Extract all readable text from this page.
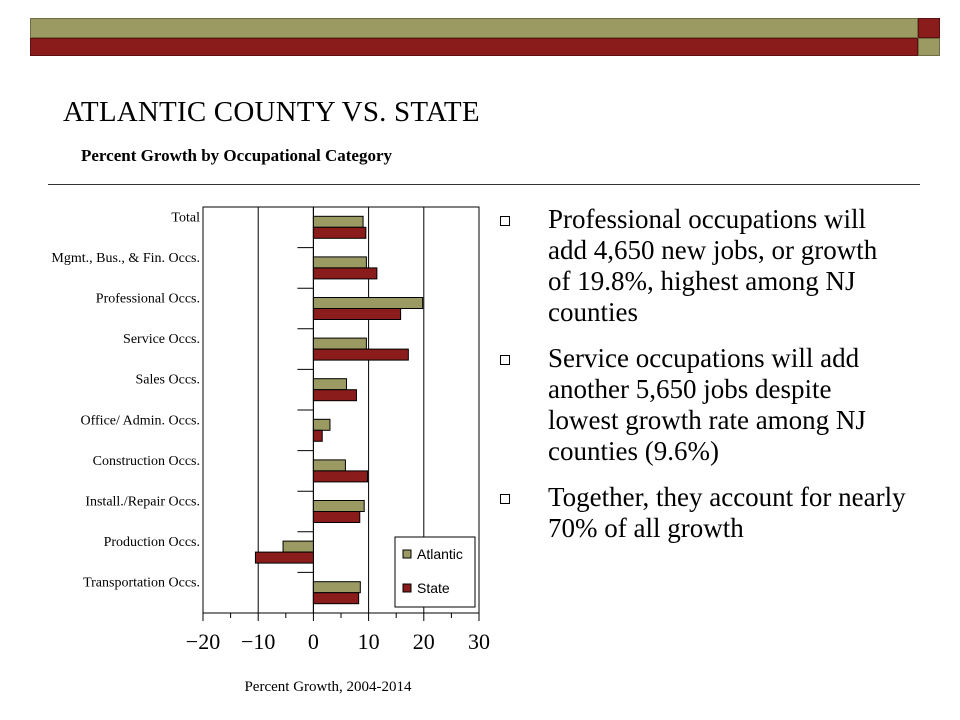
ATLANTIC COUNTY VS. STATE
Percent Growth by Occupational Category
Total
Mgmt., Bus., & Fin. Occs.
Professional Occs.
Service Occs.
Sales Occs.
Office/ Admin. Occs.
Construction Occs.
Install./Repair Occs.
Production Occs.
Transportation Occs.
−20 −10 0 10 20 30
Atlantic
State
Percent Growth, 2004-2014
Professional occupations will add 4,650 new jobs, or growth of 19.8%, highest among NJ counties
Service occupations will add another 5,650 jobs despite lowest growth rate among NJ counties (9.6%)
Together, they account for nearly 70% of all growth
